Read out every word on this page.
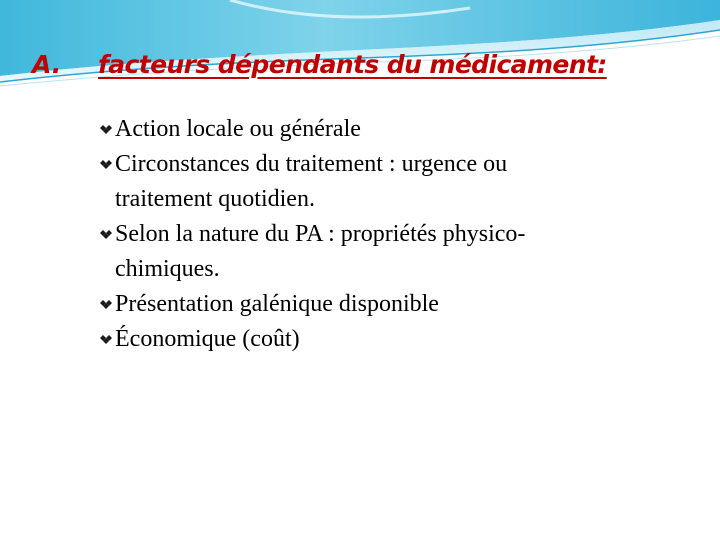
A.	facteurs dépendants du médicament:
Action locale ou générale
Circonstances du traitement : urgence ou
traitement quotidien.
Selon la nature du PA : propriétés physico-
chimiques.
Présentation galénique disponible
Économique (coût)
